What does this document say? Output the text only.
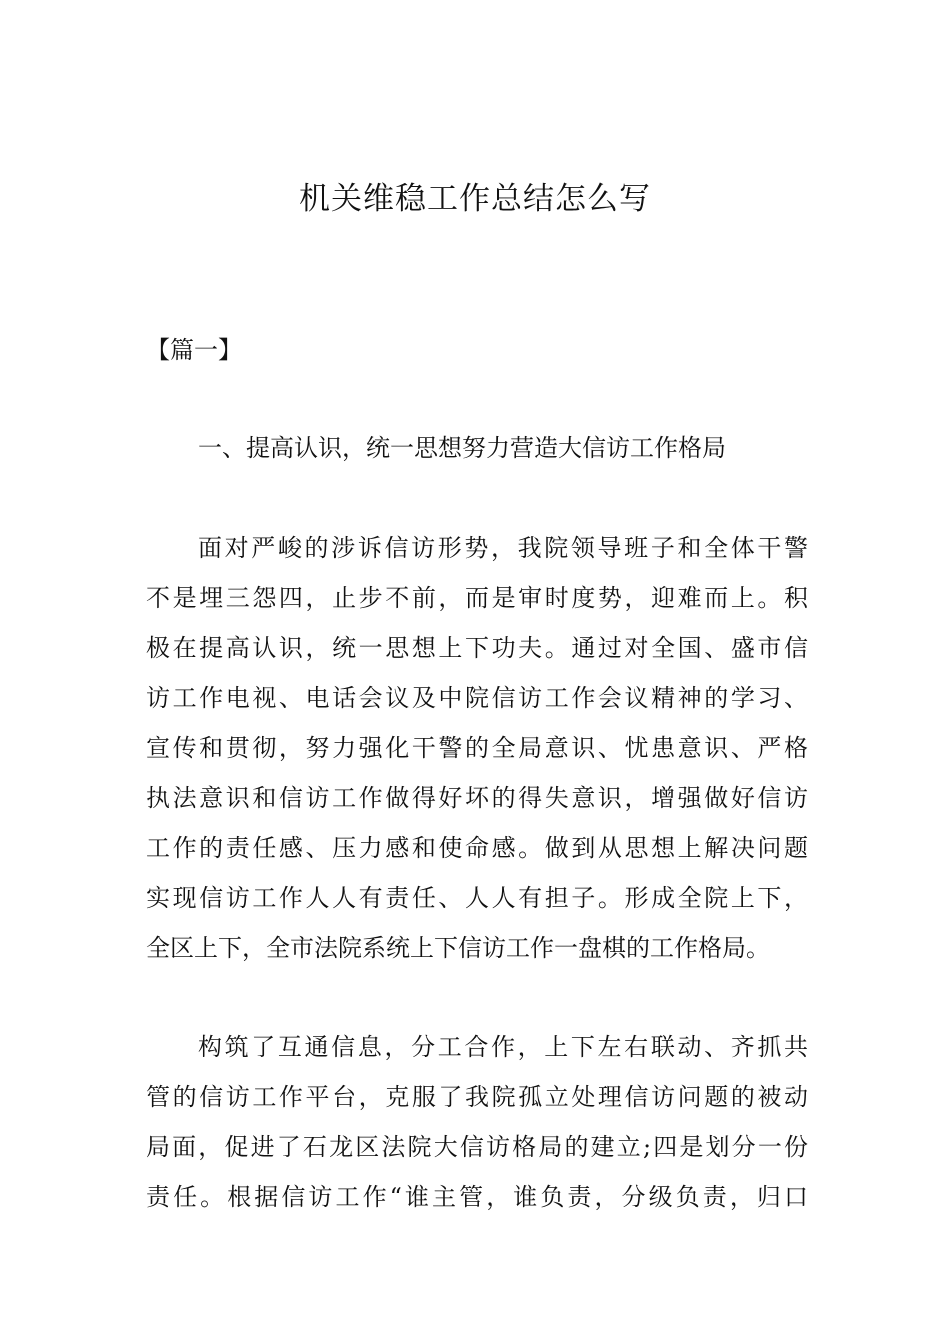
机关维稳工作总结怎么写

【篇一】

一、提高认识，统一思想努力营造大信访工作格局

面对严峻的涉诉信访形势，我院领导班子和全体干警
不是埋三怨四，止步不前，而是审时度势，迎难而上。积
极在提高认识，统一思想上下功夫。通过对全国、盛市信
访工作电视、电话会议及中院信访工作会议精神的学习、
宣传和贯彻，努力强化干警的全局意识、忧患意识、严格
执法意识和信访工作做得好坏的得失意识，增强做好信访
工作的责任感、压力感和使命感。做到从思想上解决问题
实现信访工作人人有责任、人人有担子。形成全院上下，
全区上下，全市法院系统上下信访工作一盘棋的工作格局。
构筑了互通信息，分工合作，上下左右联动、齐抓共
管的信访工作平台，克服了我院孤立处理信访问题的被动
局面，促进了石龙区法院大信访格局的建立;四是划分一份
责任。根据信访工作“谁主管，谁负责，分级负责，归口
